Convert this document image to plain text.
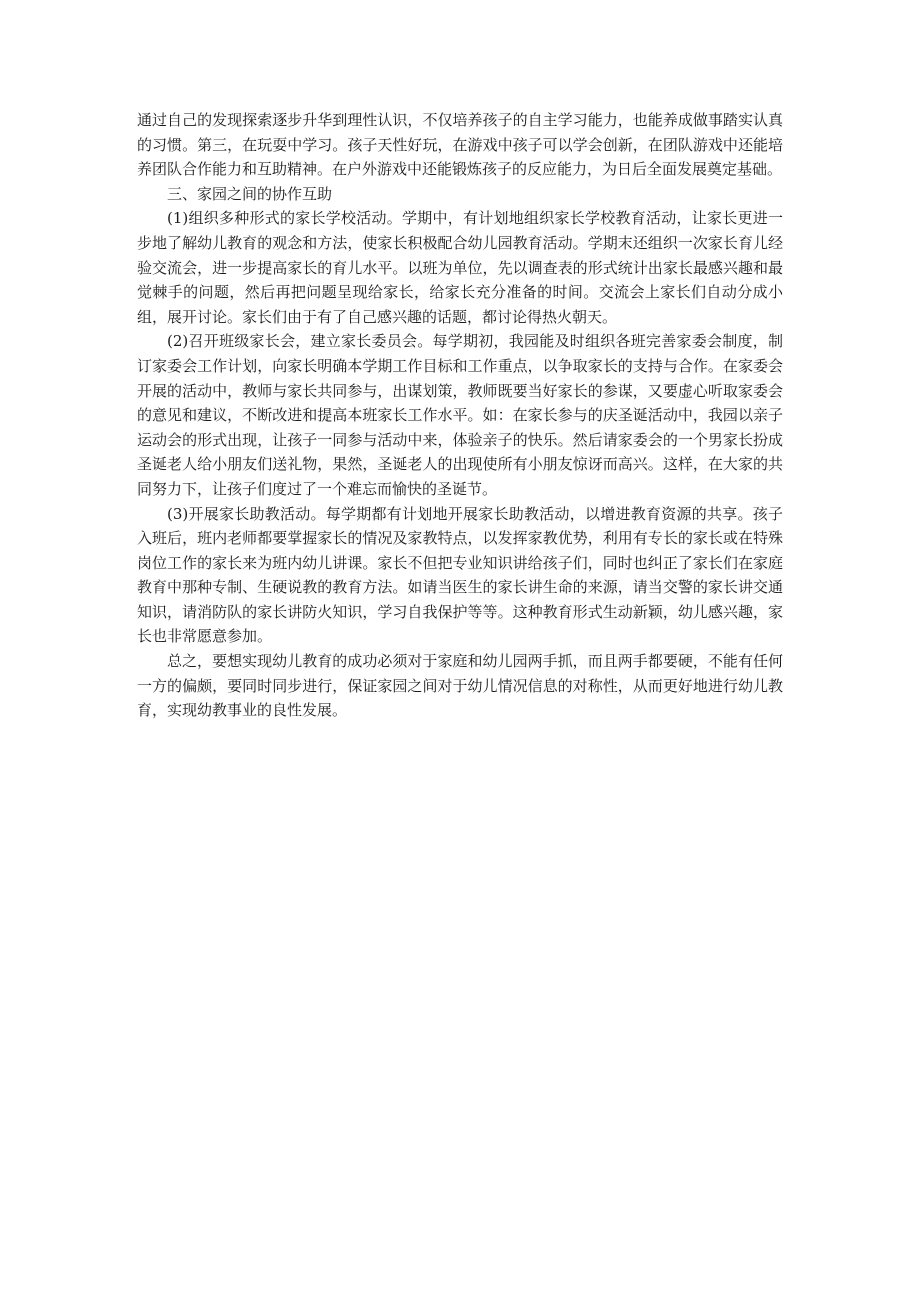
通过自己的发现探索逐步升华到理性认识，不仅培养孩子的自主学习能力，也能养成做事踏实认真的习惯。第三，在玩耍中学习。孩子天性好玩，在游戏中孩子可以学会创新，在团队游戏中还能培养团队合作能力和互助精神。在户外游戏中还能锻炼孩子的反应能力，为日后全面发展奠定基础。

三、家园之间的协作互助

(1)组织多种形式的家长学校活动。学期中，有计划地组织家长学校教育活动，让家长更进一步地了解幼儿教育的观念和方法，使家长积极配合幼儿园教育活动。学期末还组织一次家长育儿经验交流会，进一步提高家长的育儿水平。以班为单位，先以调查表的形式统计出家长最感兴趣和最觉棘手的问题，然后再把问题呈现给家长，给家长充分准备的时间。交流会上家长们自动分成小组，展开讨论。家长们由于有了自己感兴趣的话题，都讨论得热火朝天。

(2)召开班级家长会，建立家长委员会。每学期初，我园能及时组织各班完善家委会制度，制订家委会工作计划，向家长明确本学期工作目标和工作重点，以争取家长的支持与合作。在家委会开展的活动中，教师与家长共同参与，出谋划策，教师既要当好家长的参谋，又要虚心听取家委会的意见和建议，不断改进和提高本班家长工作水平。如：在家长参与的庆圣诞活动中，我园以亲子运动会的形式出现，让孩子一同参与活动中来，体验亲子的快乐。然后请家委会的一个男家长扮成圣诞老人给小朋友们送礼物，果然，圣诞老人的出现使所有小朋友惊讶而高兴。这样，在大家的共同努力下，让孩子们度过了一个难忘而愉快的圣诞节。

(3)开展家长助教活动。每学期都有计划地开展家长助教活动，以增进教育资源的共享。孩子入班后，班内老师都要掌握家长的情况及家教特点，以发挥家教优势，利用有专长的家长或在特殊岗位工作的家长来为班内幼儿讲课。家长不但把专业知识讲给孩子们，同时也纠正了家长们在家庭教育中那种专制、生硬说教的教育方法。如请当医生的家长讲生命的来源，请当交警的家长讲交通知识，请消防队的家长讲防火知识，学习自我保护等等。这种教育形式生动新颖，幼儿感兴趣，家长也非常愿意参加。

总之，要想实现幼儿教育的成功必须对于家庭和幼儿园两手抓，而且两手都要硬，不能有任何一方的偏颇，要同时同步进行，保证家园之间对于幼儿情况信息的对称性，从而更好地进行幼儿教育，实现幼教事业的良性发展。
